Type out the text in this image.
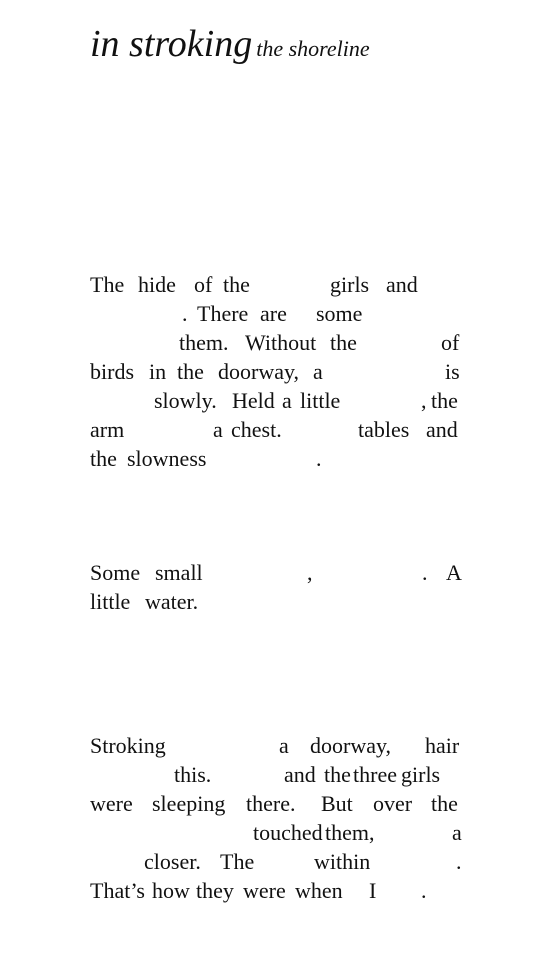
in stroking the shoreline
The hide of the	girls and
. There are some
them. Without the	of
birds in the doorway, a	is
slowly. Held a little	, the
arm	a chest.	tables and
the slowness	.
Some small	,	. A
little water.
Stroking	a doorway, hair
this.	and the three girls
were sleeping there. But over the
touched them,	a
closer. The	within	.
That’s how they were when I .
